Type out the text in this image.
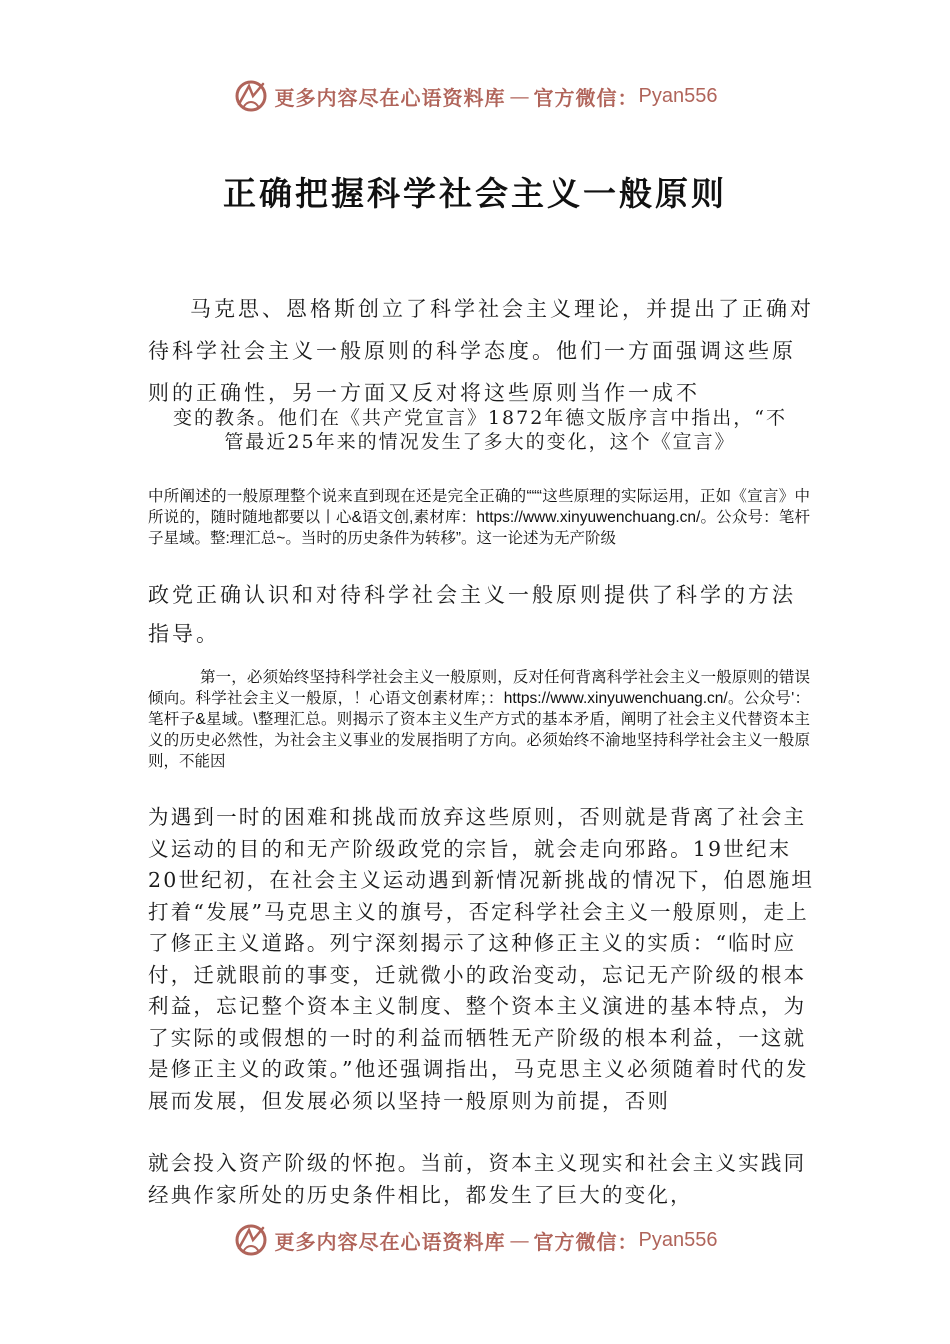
更多内容尽在心语资料库 — 官方微信： Pyan556
正确把握科学社会主义一般原则

马克思、恩格斯创立了科学社会主义理论，并提出了正确对待科学社会主义一般原则的科学态度。他们一方面强调这些原则的正确性，另一方面又反对将这些原则当作一成不

变的教条。他们在《共产党宣言》1872年德文版序言中指出，“不管最近25年来的情况发生了多大的变化，这个《宣言》

中所阐述的一般原理整个说来直到现在还是完全正确的“““这些原理的实际运用，正如《宣言》中所说的，随时随地都要以丨心&语文创,素材库：https://www.xinyuwenchuang.cn/。公众号：笔杆子星域。整:理汇总~。当时的历史条件为转移”。这一论述为无产阶级

政党正确认识和对待科学社会主义一般原则提供了科学的方法指导。

第一，必须始终坚持科学社会主义一般原则，反对任何背离科学社会主义一般原则的错误倾向。科学社会主义一般原，！心语文创素材库；：https://www.xinyuwenchuang.cn/。公众号'：笔杆子&星域。\整理汇总。则揭示了资本主义生产方式的基本矛盾，阐明了社会主义代替资本主义的历史必然性，为社会主义事业的发展指明了方向。必须始终不渝地坚持科学社会主义一般原则，不能因

为遇到一时的困难和挑战而放弃这些原则，否则就是背离了社会主义运动的目的和无产阶级政党的宗旨，就会走向邪路。19世纪末20世纪初，在社会主义运动遇到新情况新挑战的情况下，伯恩施坦打着“发展”马克思主义的旗号，否定科学社会主义一般原则，走上了修正主义道路。列宁深刻揭示了这种修正主义的实质：“临时应付，迁就眼前的事变，迁就微小的政治变动，忘记无产阶级的根本利益，忘记整个资本主义制度、整个资本主义演进的基本特点，为了实际的或假想的一时的利益而牺牲无产阶级的根本利益，一这就是修正主义的政策。”他还强调指出，马克思主义必须随着时代的发展而发展，但发展必须以坚持一般原则为前提，否则

就会投入资产阶级的怀抱。当前，资本主义现实和社会主义实践同经典作家所处的历史条件相比，都发生了巨大的变化，

更多内容尽在心语资料库 — 官方微信： Pyan556
